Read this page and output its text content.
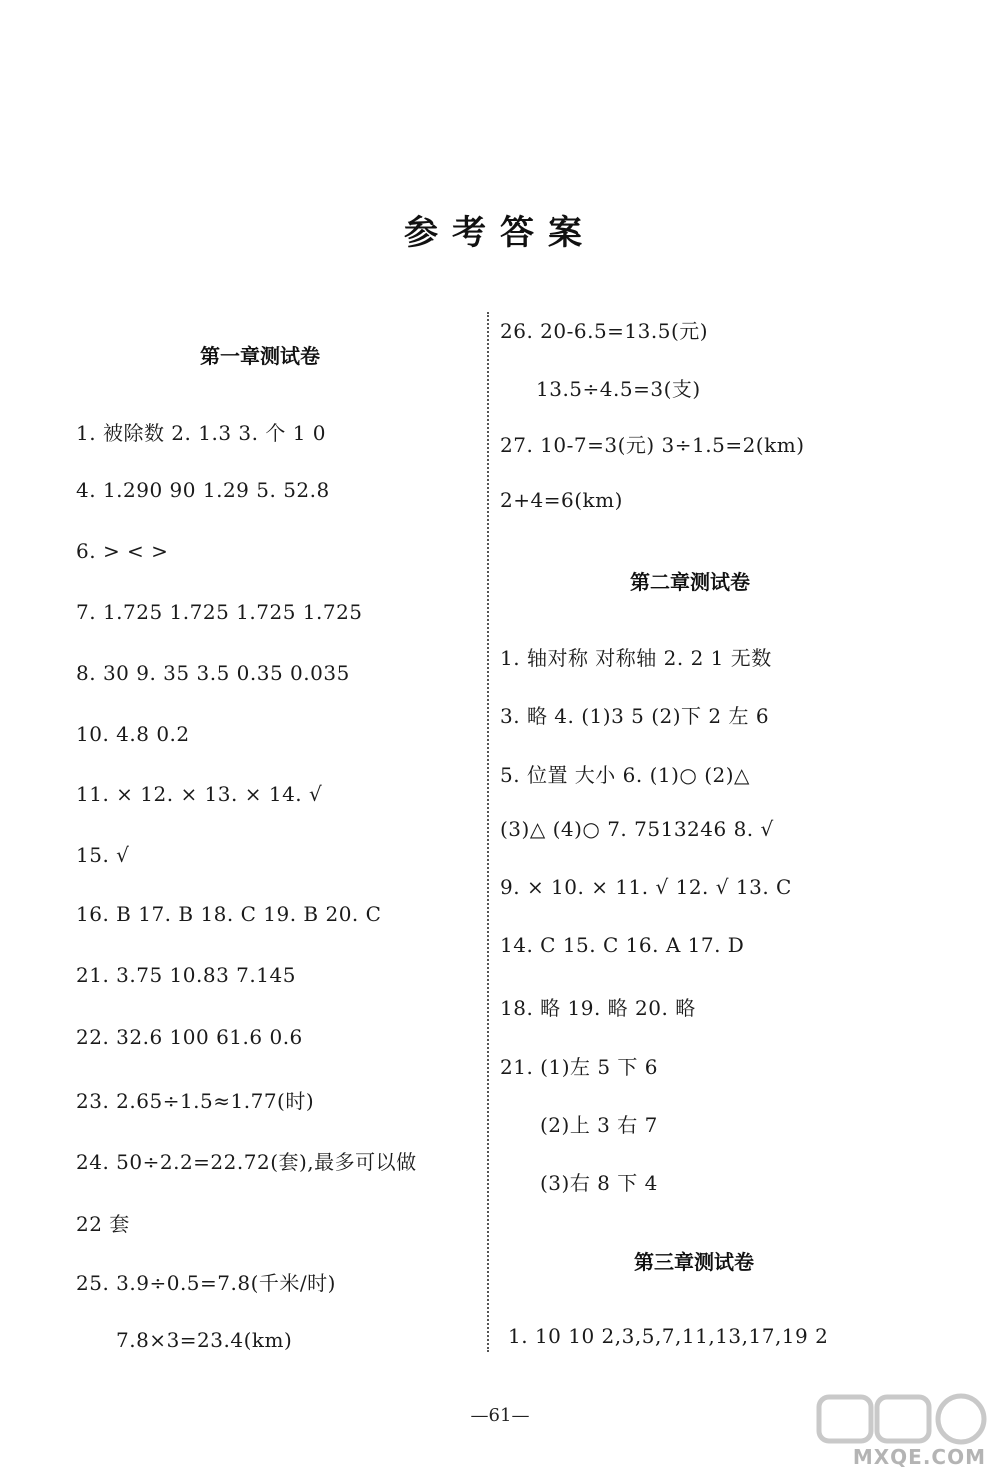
参考答案
第一章测试卷
1. 被除数 2. 1.3 3. 个 1 0
4. 1.290 90 1.29 5. 52.8
6. > < >
7. 1.725 1.725 1.725 1.725
8. 30 9. 35 3.5 0.35 0.035
10. 4.8 0.2
11. × 12. × 13. × 14. √
15. √
16. B 17. B 18. C 19. B 20. C
21. 3.75 10.83 7.145
22. 32.6 100 61.6 0.6
23. 2.65÷1.5≈1.77(时)
24. 50÷2.2=22.72(套),最多可以做
22 套
25. 3.9÷0.5=7.8(千米/时)
7.8×3=23.4(km)
26. 20-6.5=13.5(元)
13.5÷4.5=3(支)
27. 10-7=3(元) 3÷1.5=2(km)
2+4=6(km)
第二章测试卷
1. 轴对称 对称轴 2. 2 1 无数
3. 略 4. (1)3 5 (2)下 2 左 6
5. 位置 大小 6. (1)○ (2)△
(3)△ (4)○ 7. 7513246 8. √
9. × 10. × 11. √ 12. √ 13. C
14. C 15. C 16. A 17. D
18. 略 19. 略 20. 略
21. (1)左 5 下 6
(2)上 3 右 7
(3)右 8 下 4
第三章测试卷
1. 10 10 2,3,5,7,11,13,17,19 2
—61—
MXQE.COM
